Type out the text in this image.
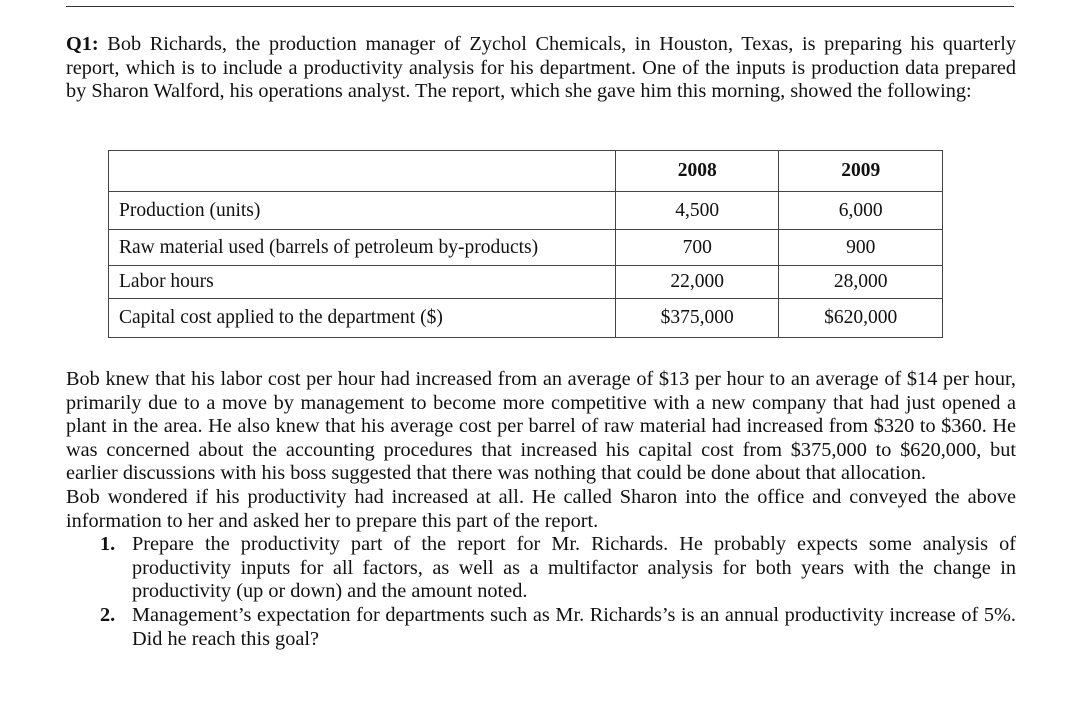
Q1: Bob Richards, the production manager of Zychol Chemicals, in Houston, Texas, is preparing his quarterly report, which is to include a productivity analysis for his department. One of the inputs is production data prepared by Sharon Walford, his operations analyst. The report, which she gave him this morning, showed the following:
	2008	2009
Production (units)	4,500	6,000
Raw material used (barrels of petroleum by-products)	700	900
Labor hours	22,000	28,000
Capital cost applied to the department ($)	$375,000	$620,000

Bob knew that his labor cost per hour had increased from an average of $13 per hour to an average of $14 per hour, primarily due to a move by management to become more competitive with a new company that had just opened a plant in the area. He also knew that his average cost per barrel of raw material had increased from $320 to $360. He was concerned about the accounting procedures that increased his capital cost from $375,000 to $620,000, but earlier discussions with his boss suggested that there was nothing that could be done about that allocation.

Bob wondered if his productivity had increased at all. He called Sharon into the office and conveyed the above information to her and asked her to prepare this part of the report.

1. Prepare the productivity part of the report for Mr. Richards. He probably expects some analysis of productivity inputs for all factors, as well as a multifactor analysis for both years with the change in productivity (up or down) and the amount noted.
2. Management’s expectation for departments such as Mr. Richards’s is an annual productivity increase of 5%. Did he reach this goal?
